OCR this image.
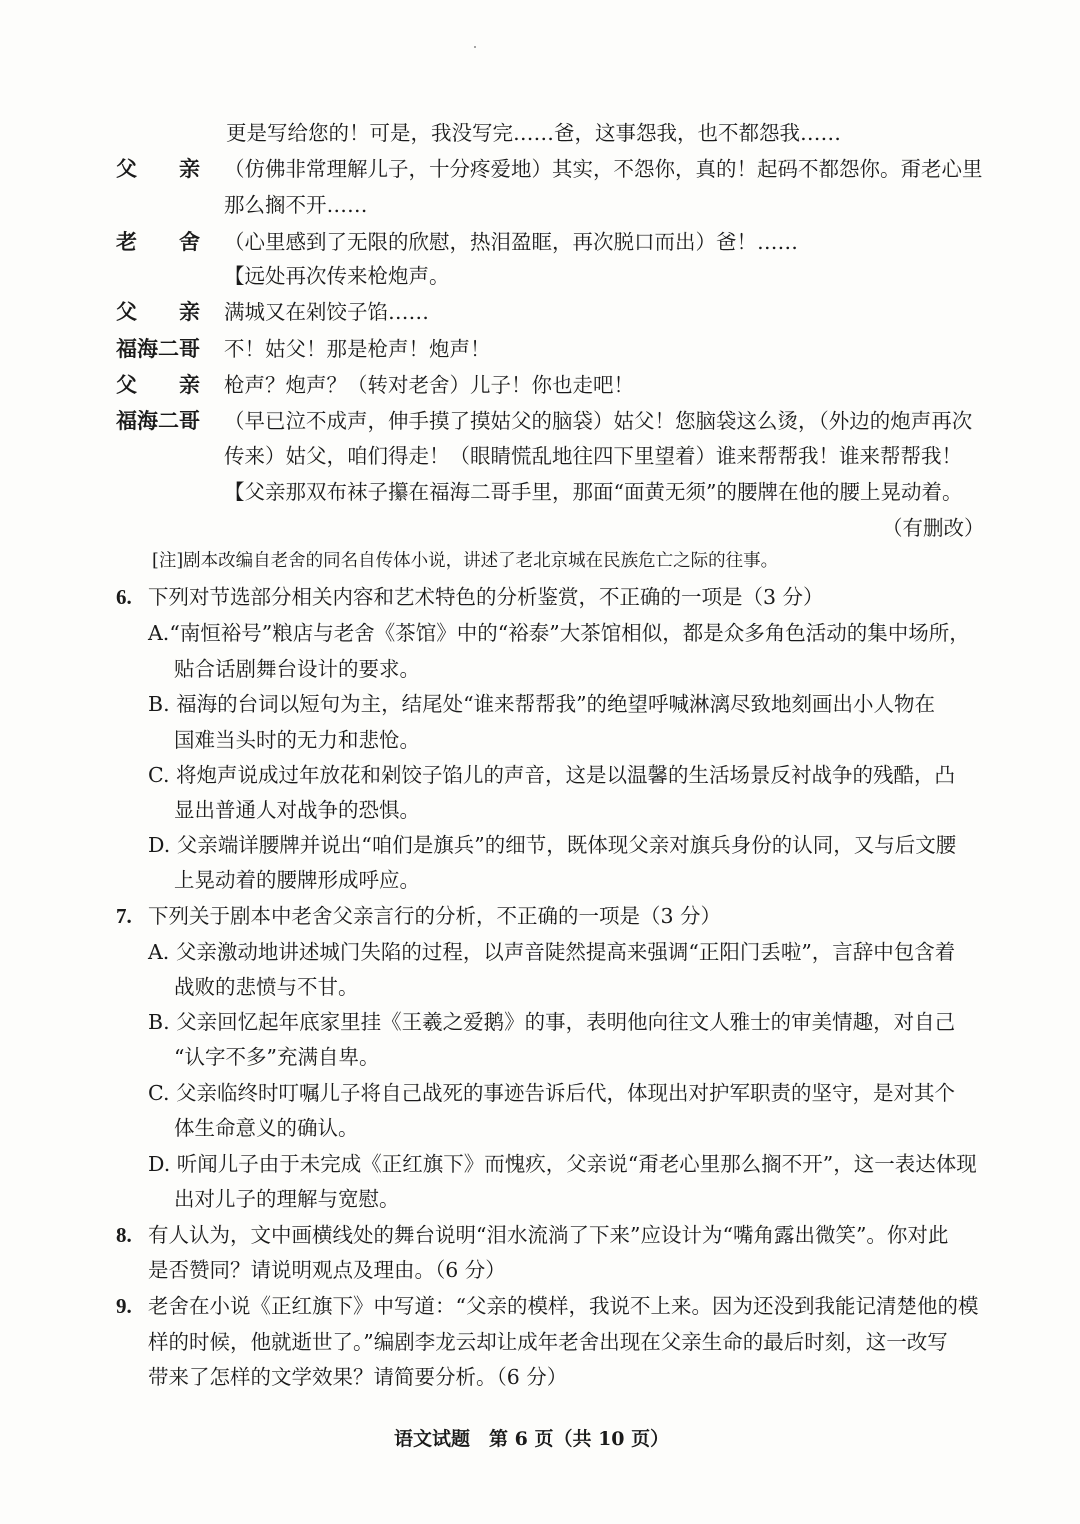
更是写给您的！可是，我没写完……爸，这事怨我，也不都怨我……
父　　亲 （仿佛非常理解儿子，十分疼爱地）其实，不怨你，真的！起码不都怨你。甭老心里
那么搁不开……
老　　舍 （心里感到了无限的欣慰，热泪盈眶，再次脱口而出）爸！……
【远处再次传来枪炮声。
父　　亲 满城又在剁饺子馅……
福海二哥 不！姑父！那是枪声！炮声！
父　　亲 枪声？炮声？（转对老舍）儿子！你也走吧！
福海二哥 （早已泣不成声，伸手摸了摸姑父的脑袋）姑父！您脑袋这么烫，（外边的炮声再次
传来）姑父，咱们得走！（眼睛慌乱地往四下里望着）谁来帮帮我！谁来帮帮我！
【父亲那双布袜子攥在福海二哥手里，那面“面黄无须”的腰牌在他的腰上晃动着。
（有删改）
[注]剧本改编自老舍的同名自传体小说，讲述了老北京城在民族危亡之际的往事。
6. 下列对节选部分相关内容和艺术特色的分析鉴赏，不正确的一项是（3 分）
A.“南恒裕号”粮店与老舍《茶馆》中的“裕泰”大茶馆相似，都是众多角色活动的集中场所，
贴合话剧舞台设计的要求。
B. 福海的台词以短句为主，结尾处“谁来帮帮我”的绝望呼喊淋漓尽致地刻画出小人物在
国难当头时的无力和悲怆。
C. 将炮声说成过年放花和剁饺子馅儿的声音，这是以温馨的生活场景反衬战争的残酷，凸
显出普通人对战争的恐惧。
D. 父亲端详腰牌并说出“咱们是旗兵”的细节，既体现父亲对旗兵身份的认同，又与后文腰
上晃动着的腰牌形成呼应。
7. 下列关于剧本中老舍父亲言行的分析，不正确的一项是（3 分）
A. 父亲激动地讲述城门失陷的过程，以声音陡然提高来强调“正阳门丢啦”，言辞中包含着
战败的悲愤与不甘。
B. 父亲回忆起年底家里挂《王羲之爱鹅》的事，表明他向往文人雅士的审美情趣，对自己
“认字不多”充满自卑。
C. 父亲临终时叮嘱儿子将自己战死的事迹告诉后代，体现出对护军职责的坚守，是对其个
体生命意义的确认。
D. 听闻儿子由于未完成《正红旗下》而愧疚，父亲说“甭老心里那么搁不开”，这一表达体现
出对儿子的理解与宽慰。
8. 有人认为，文中画横线处的舞台说明“泪水流淌了下来”应设计为“嘴角露出微笑”。你对此
是否赞同？请说明观点及理由。（6 分）
9. 老舍在小说《正红旗下》中写道：“父亲的模样，我说不上来。因为还没到我能记清楚他的模
样的时候，他就逝世了。”编剧李龙云却让成年老舍出现在父亲生命的最后时刻，这一改写
带来了怎样的文学效果？请简要分析。（6 分）
语文试题　第 6 页（共 10 页）
